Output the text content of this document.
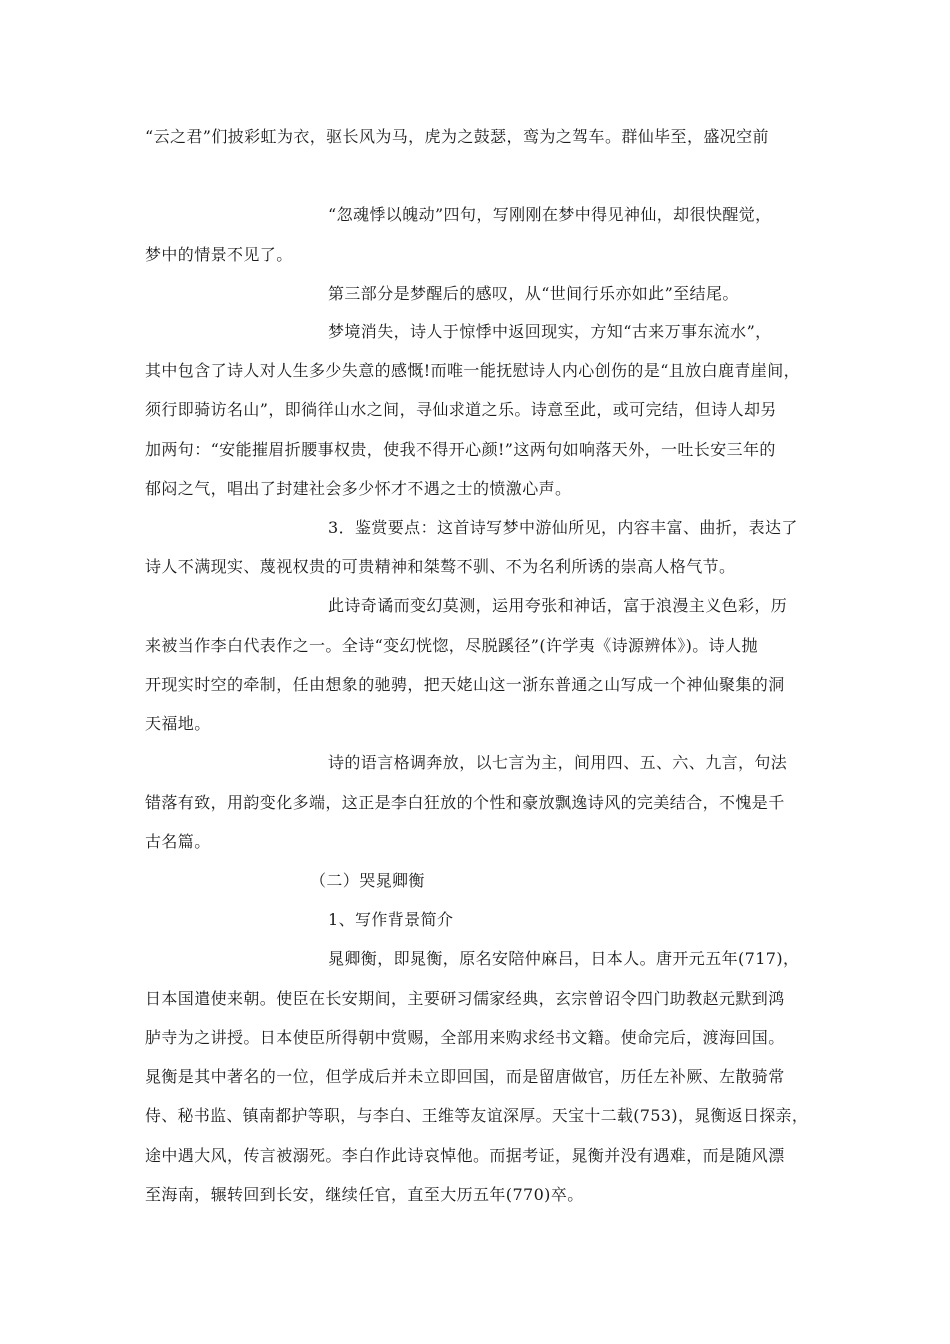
“云之君”们披彩虹为衣，驱长风为马，虎为之鼓瑟，鸾为之驾车。群仙毕至，盛况空前
“忽魂悸以魄动”四句，写刚刚在梦中得见神仙，却很快醒觉，
梦中的情景不见了。
第三部分是梦醒后的感叹，从“世间行乐亦如此”至结尾。
梦境消失，诗人于惊悸中返回现实，方知“古来万事东流水”，
其中包含了诗人对人生多少失意的感慨!而唯一能抚慰诗人内心创伤的是“且放白鹿青崖间，
须行即骑访名山”，即徜徉山水之间，寻仙求道之乐。诗意至此，或可完结，但诗人却另
加两句：“安能摧眉折腰事权贵，使我不得开心颜!”这两句如响落天外，一吐长安三年的
郁闷之气，唱出了封建社会多少怀才不遇之士的愤激心声。
3．鉴赏要点：这首诗写梦中游仙所见，内容丰富、曲折，表达了
诗人不满现实、蔑视权贵的可贵精神和桀骜不驯、不为名利所诱的崇高人格气节。
此诗奇谲而变幻莫测，运用夸张和神话，富于浪漫主义色彩，历
来被当作李白代表作之一。全诗“变幻恍惚，尽脱蹊径”(许学夷《诗源辨体》)。诗人抛
开现实时空的牵制，任由想象的驰骋，把天姥山这一浙东普通之山写成一个神仙聚集的洞
天福地。
诗的语言格调奔放，以七言为主，间用四、五、六、九言，句法
错落有致，用韵变化多端，这正是李白狂放的个性和豪放飘逸诗风的完美结合，不愧是千
古名篇。
（二）哭晁卿衡
1、写作背景简介
晁卿衡，即晁衡，原名安陪仲麻吕，日本人。唐开元五年(717)，
日本国遣使来朝。使臣在长安期间，主要研习儒家经典，玄宗曾诏令四门助教赵元默到鸿
胪寺为之讲授。日本使臣所得朝中赏赐，全部用来购求经书文籍。使命完后，渡海回国。
晁衡是其中著名的一位，但学成后并未立即回国，而是留唐做官，历任左补厥、左散骑常
侍、秘书监、镇南都护等职，与李白、王维等友谊深厚。天宝十二载(753)，晁衡返日探亲，
途中遇大风，传言被溺死。李白作此诗哀悼他。而据考证，晁衡并没有遇难，而是随风漂
至海南，辗转回到长安，继续任官，直至大历五年(770)卒。
